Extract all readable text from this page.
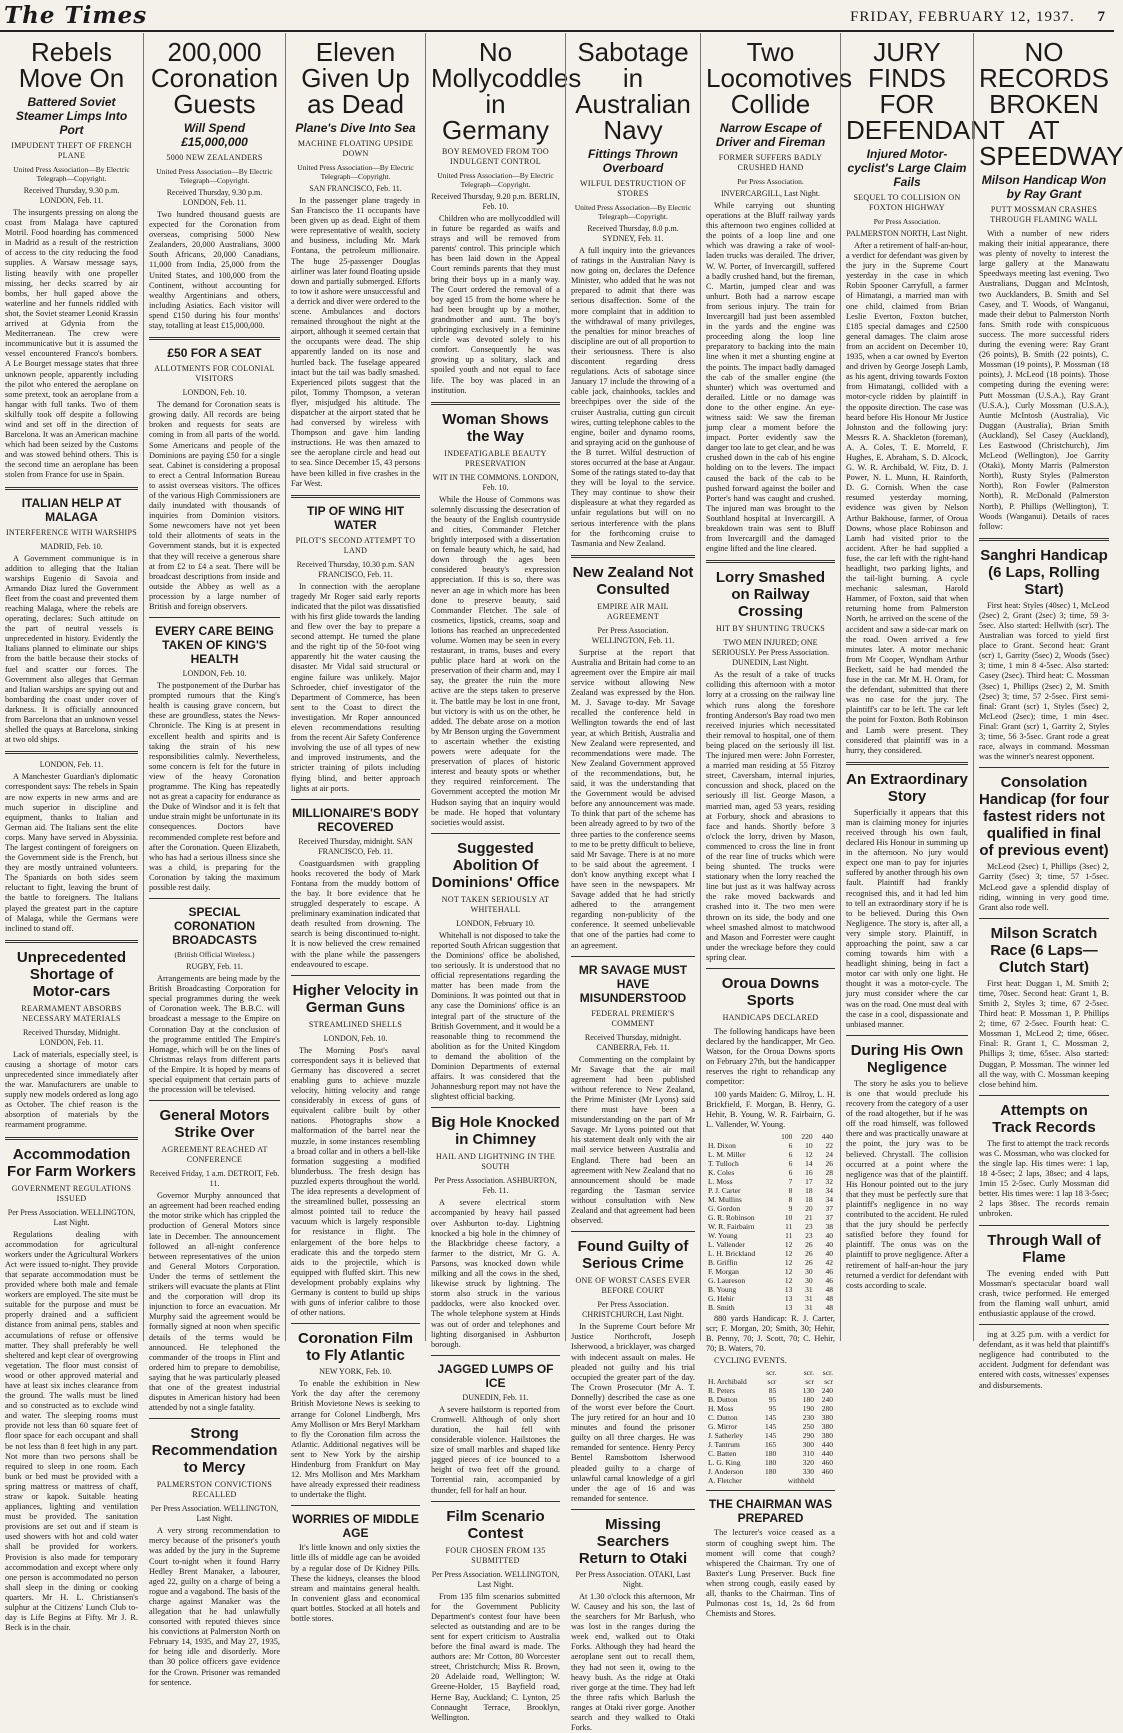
The Times	FRIDAY, FEBRUARY 12, 1937. 7
Rebels Move On
Battered Soviet Steamer Limps Into Port
IMPUDENT THEFT OF FRENCH PLANE
United Press Association—By Electric Telegraph—Copyright.
Received Thursday, 9.30 p.m. LONDON, Feb. 11.

The insurgents pressing on along the coast from Malaga have captured Motril. Food hoarding has commenced in Madrid as a result of the restriction of access to the city reducing the food supplies. A Warsaw message says, listing heavily with one propeller missing, her decks scarred by air bombs, her hull gaped above the waterline and her funnels riddled with shot, the Soviet steamer Leonid Krassin arrived at Gdynia from the Mediterranean. The crew were incommunicative but it is assumed the vessel encountered Franco's bombers. A Le Bourget message states that three unknown people, apparently including the pilot who entered the aeroplane on some pretext, took an aeroplane from a hangar with full tanks. Two of them skilfully took off despite a following wind and set off in the direction of Barcelona. It was an American machine which had been seized by the Customs and was stowed behind others. This is the second time an aeroplane has been stolen from France for use in Spain.

ITALIAN HELP AT MALAGA
INTERFERENCE WITH WARSHIPS
MADRID, Feb. 10.

A Government communique is in addition to alleging that the Italian warships Eugenio di Savoia and Armando Diaz lured the Government fleet from the coast and prevented them reaching Malaga, where the rebels are operating, declares: Such attitude on the part of neutral vessels is unprecedented in history. Evidently the Italians planned to eliminate our ships from the battle because their stocks of fuel and scatter our forces. The Government also alleges that German and Italian warships are spying out and bombarding the coast under cover of darkness. It is officially announced from Barcelona that an unknown vessel shelled the quays at Barcelona, sinking at two old ships.

LONDON, Feb. 11.

A Manchester Guardian's diplomatic correspondent says: The rebels in Spain are now experts in new arms and are much superior in discipline and equipment, thanks to Italian and German aid. The Italians sent the elite corps. Many have served in Abyssinia. The largest contingent of foreigners on the Government side is the French, but they are mostly untrained volunteers. The Spaniards on both sides seem reluctant to fight, leaving the brunt of the battle to foreigners. The Italians played the greatest part in the capture of Malaga, while the Germans were inclined to stand off.

Unprecedented Shortage of Motor-cars
REARMAMENT ABSORBS NECESSARY MATERIALS
Received Thursday, Midnight. LONDON, Feb. 11.

Lack of materials, especially steel, is causing a shortage of motor cars unprecedented since immediately after the war. Manufacturers are unable to supply new models ordered as long ago as October. The chief reason is the absorption of materials by the rearmament programme.

Accommodation For Farm Workers
GOVERNMENT REGULATIONS ISSUED
Per Press Association. WELLINGTON, Last Night.

Regulations dealing with accommodation for agricultural workers under the Agricultural Workers Act were issued to-night. They provide that separate accommodation must be provided where both male and female workers are employed. The site must be suitable for the purpose and must be properly drained and a sufficient distance from animal pens, stables and accumulations of refuse or offensive matter. They shall preferably be well sheltered and kept clear of overgrowing vegetation. The floor must consist of wood or other approved material and have at least six inches clearance from the ground. The walls must be lined and so constructed as to exclude wind and water. The sleeping rooms must provide not less than 60 square feet of floor space for each occupant and shall be not less than 8 feet high in any part. Not more than two persons shall be required to sleep in one room. Each bunk or bed must be provided with a spring mattress or mattress of chaff, straw or kapok. Suitable heating appliances, lighting and ventilation must be provided. The sanitation provisions are set out and if steam is used showers with hot and cold water shall be provided for workers. Provision is also made for temporary accommodation and except where only one person is accommodated no person shall sleep in the dining or cooking quarters. Mr H. L. Christiansen's sulphur at the Citizens' Lunch Club to-day is Life Begins at Fifty. Mr J. R. Beck is in the chair.

200,000 Coronation Guests
Will Spend £15,000,000
5000 NEW ZEALANDERS
United Press Association—By Electric Telegraph—Copyright.
Received Thursday, 9.30 p.m. LONDON, Feb. 11.

Two hundred thousand guests are expected for the Coronation from overseas, comprising 5000 New Zealanders, 20,000 Australians, 3000 South Africans, 20,000 Canadians, 11,000 from India, 25,000 from the United States, and 100,000 from the Continent, without accounting for wealthy Argentinians and others, including Asiatics. Each visitor will spend £150 during his four months' stay, totalling at least £15,000,000.

£50 FOR A SEAT
ALLOTMENTS FOR COLONIAL VISITORS
LONDON, Feb. 10.

The demand for Coronation seats is growing daily. All records are being broken and requests for seats are coming in from all parts of the world. Some Americans and people of the Dominions are paying £50 for a single seat. Cabinet is considering a proposal to erect a Central Information Bureau to assist overseas visitors. The offices of the various High Commissioners are daily inundated with thousands of inquiries from Dominion visitors. Some newcomers have not yet been told their allotments of seats in the Government stands, but it is expected that they will receive a generous share at from £2 to £4 a seat. There will be broadcast descriptions from inside and outside the Abbey as well as a procession by a large number of British and foreign observers.

EVERY CARE BEING TAKEN OF KING'S HEALTH
LONDON, Feb. 10.

The postponement of the Durbar has prompted rumours that the King's health is causing grave concern, but these are groundless, states the News-Chronicle. The King is at present in excellent health and spirits and is taking the strain of his new responsibilities calmly. Nevertheless, some concern is felt for the future in view of the heavy Coronation programme. The King has repeatedly not as great a capacity for endurance as the Duke of Windsor and it is felt that undue strain might be unfortunate in its consequences. Doctors have recommended complete rest before and after the Coronation. Queen Elizabeth, who has had a serious illness since she was a child, is preparing for the Coronation by taking the maximum possible rest daily.

SPECIAL CORONATION BROADCASTS
(British Official Wireless.)
RUGBY, Feb. 11.

Arrangements are being made by the British Broadcasting Corporation for special programmes during the week of Coronation week. The B.B.C. will broadcast a message to the Empire on Coronation Day at the conclusion of the programme entitled The Empire's Homage, which will be on the lines of Christmas relays from different parts of the Empire. It is hoped by means of special equipment that certain parts of the procession will be televised.

General Motors Strike Over
AGREEMENT REACHED AT CONFERENCE
Received Friday, 1 a.m. DETROIT, Feb. 11.

Governor Murphy announced that an agreement had been reached ending the motor strike which has crippled the production of General Motors since late in December. The announcement followed an all-night conference between representatives of the union and General Motors Corporation. Under the terms of settlement the strikers will evacuate the plants at Flint and the corporation will drop its injunction to force an evacuation. Mr Murphy said the agreement would be formally signed at noon when specific details of the terms would be announced. He telephoned the commander of the troops in Flint and ordered him to prepare to demobilise, saying that he was particularly pleased that one of the greatest industrial disputes in American history had been attended by not a single fatality.

Strong Recommendation to Mercy
PALMERSTON CONVICTIONS RECALLED
Per Press Association. WELLINGTON, Last Night.

A very strong recommendation to mercy because of the prisoner's youth was added by the jury in the Supreme Court to-night when it found Harry Hedley Brent Manaker, a labourer, aged 22, guilty on a charge of being a rogue and a vagabond. The basis of the charge against Manaker was the allegation that he had unlawfully consorted with reputed thieves since his convictions at Palmerston North on February 14, 1935, and May 27, 1935, for being idle and disorderly. More than 30 police officers gave evidence for the Crown. Prisoner was remanded for sentence.

Eleven Given Up as Dead
Plane's Dive Into Sea
MACHINE FLOATING UPSIDE DOWN
United Press Association—By Electric Telegraph—Copyright.
SAN FRANCISCO, Feb. 11.

In the passenger plane tragedy in San Francisco the 11 occupants have been given up as dead. Eight of them were representative of wealth, society and business, including Mr. Mark Fontana, the petroleum millionaire. The huge 25-passenger Douglas airliner was later found floating upside down and partially submerged. Efforts to tow it ashore were unsuccessful and a derrick and diver were ordered to the scene. Ambulances and doctors remained throughout the night at the airport, although it seemed certain that the occupants were dead. The ship apparently landed on its nose and hurtled back. The fuselage appeared intact but the tail was badly smashed. Experienced pilots suggest that the pilot, Tommy Thompson, a veteran flyer, misjudged his altitude. The dispatcher at the airport stated that he had conversed by wireless with Thompson and gave him landing instructions. He was then amazed to see the aeroplane circle and head out to sea. Since December 15, 43 persons have been killed in five crashes in the Far West.

TIP OF WING HIT WATER
PILOT'S SECOND ATTEMPT TO LAND
Received Thursday, 10.30 p.m. SAN FRANCISCO, Feb. 11.

In connection with the aeroplane tragedy Mr Roger said early reports indicated that the pilot was dissatisfied with his first glide towards the landing and flew over the bay to prepare a second attempt. He turned the plane and the right tip of the 50-foot wing apparently hit the water causing the disaster. Mr Vidal said structural or engine failure was unlikely. Major Schroeder, chief investigator of the Department of Commerce, has been sent to the Coast to direct the investigation. Mr Roper announced eleven recommendations resulting from the recent Air Safety Conference involving the use of all types of new and improved instruments, and the stricter training of pilots including flying blind, and better approach lights at air ports.

MILLIONAIRE'S BODY RECOVERED
Received Thursday, midnight. SAN FRANCISCO, Feb. 11.

Coastguardsmen with grappling hooks recovered the body of Mark Fontana from the muddy bottom of the bay. It bore evidence that he struggled desperately to escape. A preliminary examination indicated that death resulted from drowning. The search is being discontinued to-night. It is now believed the crew remained with the plane while the passengers endeavoured to escape.

Higher Velocity in German Guns
STREAMLINED SHELLS
LONDON, Feb. 10.

The Morning Post's naval correspondent says it is believed that Germany has discovered a secret enabling guns to achieve muzzle velocity, hitting velocity and range considerably in excess of guns of equivalent calibre built by other nations. Photographs show a malformation of the barrel near the muzzle, in some instances resembling a broad collar and in others a bell-like formation suggesting a modified blunderbuss. The fresh design has puzzled experts throughout the world. The idea represents a development of the streamlined bullet, possessing an almost pointed tail to reduce the vacuum which is largely responsible for resistance in flight. The enlargement of the bore helps to eradicate this and the torpedo stern aids to the projectile, which is equipped with fluffed skirt. This new development probably explains why Germany is content to build up ships with guns of inferior calibre to those of other nations.

Coronation Film to Fly Atlantic
NEW YORK, Feb. 10.

To enable the exhibition in New York the day after the ceremony British Movietone News is seeking to arrange for Colonel Lindbergh, Mrs Amy Mollison or Mrs Beryl Markham to fly the Coronation film across the Atlantic. Additional negatives will be sent to New York by the airship Hindenburg from Frankfurt on May 12. Mrs Mollison and Mrs Markham have already expressed their readiness to undertake the flight.

WORRIES OF MIDDLE AGE

It's little known and only sixties the little ills of middle age can be avoided by a regular dose of Dr Kidney Pills. These the kidneys, cleanses the blood stream and maintains general health. In convenient glass and economical quart bottles. Stocked at all hotels and bottle stores.

No Mollycoddles in Germany
BOY REMOVED FROM TOO INDULGENT CONTROL
United Press Association—By Electric Telegraph—Copyright.
Received Thursday, 9.20 p.m. BERLIN, Feb. 10.

Children who are mollycoddled will in future be regarded as waifs and strays and will be removed from parents' control. This principle which has been laid down in the Appeal Court reminds parents that they must bring their boys up in a manly way. The Court ordered the removal of a boy aged 15 from the home where he had been brought up by a mother, grandmother and aunt. The boy's upbringing exclusively in a feminine circle was devoted solely to his comfort. Consequently he was growing up a solitary, slack and spoiled youth and not equal to face life. The boy was placed in an institution.

Woman Shows the Way
INDEFATIGABLE BEAUTY PRESERVATION
WIT IN THE COMMONS. LONDON, Feb. 10.

While the House of Commons was solemnly discussing the desecration of the beauty of the English countryside and cities, Commander Fletcher brightly interposed with a dissertation on female beauty which, he said, had down through the ages been considered beauty's expression appreciation. If this is so, there was never an age in which more has been done to preserve beauty, said Commander Fletcher. The sale of cosmetics, lipstick, creams, soap and lotions has reached an unprecedented volume. Women may be seen in every restaurant, in trams, buses and every public place hard at work on the preservation of their charm and, may I say, the greater the ruin the more active are the steps taken to preserve it. The battle may be lost in one front, but victory is with us on the other, he added. The debate arose on a motion by Mr Benson urging the Government to ascertain whether the existing powers were adequate for the preservation of places of historic interest and beauty spots or whether they required reinforcement. The Government accepted the motion Mr Hudson saying that an inquiry would be made. He hoped that voluntary societies would assist.

Suggested Abolition Of Dominions' Office
NOT TAKEN SERIOUSLY AT WHITEHALL
LONDON, February 10.

Whitehall is not disposed to take the reported South African suggestion that the Dominions' office be abolished, too seriously. It is understood that no official representations regarding the matter has been made from the Dominions. It was pointed out that in any case the Dominions' office is an integral part of the structure of the British Government, and it would be a reasonable thing to recommend the abolition as for the United Kingdom to demand the abolition of the Dominion Departments of external affairs. It was considered that the Johannesburg report may not have the slightest official backing.

Big Hole Knocked in Chimney
HAIL AND LIGHTNING IN THE SOUTH
Per Press Association. ASHBURTON, Feb. 11.

A severe electrical storm accompanied by heavy hail passed over Ashburton to-day. Lightning knocked a big hole in the chimney of the Blackbridge cheese factory, a farmer to the district, Mr G. A. Parsons, was knocked down while milking and all the cows in the shed, likewise struck by lightning. The storm also struck in the various paddocks, were also knocked over. The whole telephone system at Hinds was out of order and telephones and lighting disorganised in Ashburton borough.

JAGGED LUMPS OF ICE
DUNEDIN, Feb. 11.

A severe hailstorm is reported from Cromwell. Although of only short duration, the hail fell with considerable violence. Hailstones the size of small marbles and shaped like jagged pieces of ice bounced to a height of two feet off the ground. Torrential rain, accompanied by thunder, fell for half an hour.

Film Scenario Contest
FOUR CHOSEN FROM 135 SUBMITTED
Per Press Association. WELLINGTON, Last Night.

From 135 film scenarios submitted for the Government Publicity Department's contest four have been selected as outstanding and are to be sent for expert criticism to Australia before the final award is made. The authors are: Mr Cotton, 80 Worcester street, Christchurch; Miss R. Brown, 20 Adelaide road, Wellington; W. Greene-Holder, 15 Bayfield road, Herne Bay, Auckland; C. Lynton, 25 Connaught Terrace, Brooklyn, Wellington.

Sabotage in Australian Navy
Fittings Thrown Overboard
WILFUL DESTRUCTION OF STORES
United Press Association—By Electric Telegraph—Copyright.
Received Thursday, 8.0 p.m. SYDNEY, Feb. 11.

A full inquiry into the grievances of ratings in the Australian Navy is now going on, declares the Defence Minister, who added that he was not prepared to admit that there was serious disaffection. Some of the more complaint that in addition to the withdrawal of many privileges, the penalties for minor breaches of discipline are out of all proportion to their seriousness. There is also discontent regarding dress regulations. Acts of sabotage since January 17 include the throwing of a cable jack, chainhooks, tackles and breechpipes over the side of the cruiser Australia, cutting gun circuit wires, cutting telephone cables to the engine, boiler and dynamo rooms, and spraying acid on the gunhouse of the B turret. Wilful destruction of stores occurred at the base at Angaur. Some of the ratings stated to-day that they will be loyal to the service. They may continue to show their displeasure at what they regarded as unfair regulations but will on no serious interference with the plans for the forthcoming cruise to Tasmania and New Zealand.

New Zealand Not Consulted
EMPIRE AIR MAIL AGREEMENT
Per Press Association. WELLINGTON, Feb. 11.

Surprise at the report that Australia and Britain had come to an agreement over the Empire air mail service without allowing New Zealand was expressed by the Hon. M. J. Savage to-day. Mr Savage recalled the conference held in Wellington towards the end of last year, at which British, Australia and New Zealand were represented, and recommendations were made. The New Zealand Government approved of the recommendations, but, he said, it was the understanding that the Government would be advised before any announcement was made. To think that part of the scheme has been already agreed to by two of the three parties to the conference seems to me to be pretty difficult to believe, said Mr Savage. There is at no more to be said about the agreement. I don't know anything except what I have seen in the newspapers. Mr Savage added that he had strictly adhered to the arrangement regarding non-publicity of the conference. It seemed unbelievable that one of the parties had come to an agreement.

MR SAVAGE MUST HAVE MISUNDERSTOOD
FEDERAL PREMIER'S COMMENT
Received Thursday, midnight. CANBERRA, Feb. 11.

Commenting on the complaint by Mr Savage that the air mail agreement had been published without reference to New Zealand, the Prime Minister (Mr Lyons) said there must have been a misunderstanding on the part of Mr Savage. Mr Lyons pointed out that his statement dealt only with the air mail service between Australia and England. There had been an agreement with New Zealand that no announcement should be made regarding the Tasman service without consultation with New Zealand and that agreement had been observed.

Found Guilty of Serious Crime
ONE OF WORST CASES EVER BEFORE COURT
Per Press Association. CHRISTCHURCH, Last Night.

In the Supreme Court before Mr Justice Northcroft, Joseph Isherwood, a bricklayer, was charged with indecent assault on males. He pleaded not guilty and his trial occupied the greater part of the day. The Crown Prosecutor (Mr A. T. Donnelly) described the case as one of the worst ever before the Court. The jury retired for an hour and 10 minutes and found the prisoner guilty on all three charges. He was remanded for sentence. Henry Percy Bentel Ramsbottom Isherwood pleaded guilty to a charge of unlawful carnal knowledge of a girl under the age of 16 and was remanded for sentence.

Missing Searchers Return to Otaki
Per Press Association. OTAKI, Last Night.

At 1.30 o'clock this afternoon, Mr W. Causey and his son, the last of the searchers for Mr Barlush, who was lost in the ranges during the week end, walked out to Otaki Forks. Although they had heard the aeroplane sent out to recall them, they had not seen it, owing to the heavy bush. As the ridge at Otaki river gorge at the time. They had left the three rafts which Barlush the ranges at Otaki river gorge. Another search and they walked to Otaki Forks.

Two Locomotives Collide
Narrow Escape of Driver and Fireman
FORMER SUFFERS BADLY CRUSHED HAND
Per Press Association.
INVERCARGILL, Last Night.

While carrying out shunting operations at the Bluff railway yards this afternoon two engines collided at the points of a loop line and one which was drawing a rake of wool-laden trucks was derailed. The driver, W. W. Porter, of Invercargill, suffered a badly crushed hand, but the fireman, C. Martin, jumped clear and was unhurt. Both had a narrow escape from serious injury. The train for Invercargill had just been assembled in the yards and the engine was proceeding along the loop line preparatory to backing into the main line when it met a shunting engine at the points. The impact badly damaged the cab of the smaller engine (the shunter) which was overturned and derailed. Little or no damage was done to the other engine. An eye-witness said: We saw the fireman jump clear a moment before the impact. Porter evidently saw the danger too late to get clear, and he was crushed down in the cab of his engine holding on to the levers. The impact caused the back of the cab to be pushed forward against the boiler and Porter's hand was caught and crushed. The injured man was brought to the Southland hospital at Invercargill. A breakdown train was sent to Bluff from Invercargill and the damaged engine lifted and the line cleared.

Lorry Smashed on Railway Crossing
HIT BY SHUNTING TRUCKS
TWO MEN INJURED; ONE SERIOUSLY. Per Press Association. DUNEDIN, Last Night.

As the result of a rake of trucks colliding this afternoon with a motor lorry at a crossing on the railway line which runs along the foreshore fronting Anderson's Bay road two men received injuries which necessitated their removal to hospital, one of them being placed on the seriously ill list. The injured men were: John Forrester, a married man residing at 55 Fitzroy street, Caversham, internal injuries, concussion and shock, placed on the seriously ill list. George Mason, a married man, aged 53 years, residing at Forbury, shock and abrasions to face and hands. Shortly before 3 o'clock the lorry, driven by Mason, commenced to cross the line in front of the rear line of trucks which were being shunted. The trucks were stationary when the lorry reached the line but just as it was halfway across the rake moved backwards and crashed into it. The two men were thrown on its side, the body and one wheel smashed almost to matchwood and Mason and Forrester were caught under the wreckage before they could spring clear.

Oroua Downs Sports
HANDICAPS DECLARED

The following handicaps have been declared by the handicapper, Mr Geo. Watson, for the Oroua Downs sports on February 27th, but the handicapper reserves the right to rehandicap any competitor:

100 yards Maiden: G. Milroy, L. H. Brickfield, F. Morgan, B. Henry, G. Hehir, B. Young, W. R. Fairbairn, G. L. Vallender, W. Young.
	100	220	440
H. Dixon	6	10	22
L. M. Miller	6	12	24
T. Tulloch	6	14	26
K. Coles	6	16	28
L. Moss	7	17	32
P. J. Carter	8	18	34
M. Mullins	8	18	34
G. Gordon	9	20	37
G. R. Robinson	10	21	37
W. R. Fairbairn	11	23	38
W. Young	11	23	40
L. Vallender	12	26	40
L. H. Brickland	12	26	40
B. Griffin	12	26	42
F. Morgan	12	30	46
G. Laureson	12	30	46
B. Young	13	31	48
G. Hehir	13	31	48
B. Smith	13	31	48
880 yards Handicap: R. J. Carter, scr; F. Morgan, 20; Smith, 30; Hehir, B. Penny, 70; J. Scott, 70; C. Hehir, 70; B. Waters, 70.
CYCLING EVENTS.
	scr.	scr.	scr.
H. Archibald	scr	scr	scr
R. Peters	85	130	240
B. Dutton	95	180	240
H. Moss	95	190	280
C. Dutton	145	230	380
G. Mirror	145	250	380
J. Satherley	145	290	380
J. Tantrum	165	300	440
C. Batten	180	310	440
L. G. King	180	320	460
J. Anderson	180	330	460
A. Fletcher		withheld	
THE CHAIRMAN WAS PREPARED

The lecturer's voice ceased as a storm of coughing swept him. The moment will come that cough? whispered the Chairman. Try one of Baxter's Lung Preserver. Buck fine when strong cough, easily eased by all, thanks to the Chairman. Tins of Pulmonas cost 1s, 1d, 2s 6d from Chemists and Stores.

JURY FINDS FOR DEFENDANT
Injured Motor-cyclist's Large Claim Fails
SEQUEL TO COLLISION ON FOXTON HIGHWAY
Per Press Association.
PALMERSTON NORTH, Last Night.

After a retirement of half-an-hour, a verdict for defendant was given by the jury in the Supreme Court yesterday in the case in which Robin Spooner Carryfull, a farmer of Himatangi, a married man with one child, claimed from Brian Leslie Everton, Foxton butcher, £185 special damages and £2500 general damages. The claim arose from an accident on December 10, 1935, when a car owned by Everton and driven by George Joseph Lamb, as his agent, driving towards Foxton from Himatangi, collided with a motor-cycle ridden by plaintiff in the opposite direction. The case was heard before His Honour Mr Justice Johnston and the following jury: Messrs R. A. Shackleton (foreman), A. A. Coles, T. E. Morreld, F. Hughes, E. Abraham, S. D. Alcock, G. W. R. Archibald, W. Fitz, D. J. Power, N. L. Munn, H. Rainforth, D. G. Cornish. When the case resumed yesterday morning, evidence was given by Nelson Arthur Bakhouse, farmer, of Oroua Downs, whose place Robinson and Lamb had visited prior to the accident. After he had supplied a fuse, the car left with the right-hand headlight, two parking lights, and the tail-light burning. A cycle mechanic salesman, Harold Hammer, of Foxton, said that when returning home from Palmerston North, he arrived on the scene of the accident and saw a side-car mark on the road. Owen arrived a few minutes later. A motor mechanic from Mr Cooper, Wyndham Arthur Beckett, said he had mended the fuse in the car. Mr M. H. Oram, for the defendant, submitted that there was no case for the jury. The plaintiff's car to be left. The car left the point for Foxton. Both Robinson and Lamb were present. They considered that plaintiff was in a hurry, they considered.

An Extraordinary Story

Superficially it appears that this man is claiming money for injuries received through his own fault, declared His Honour in summing up in the afternoon. No jury would expect one man to pay for injuries suffered by another through his own fault. Plaintiff had frankly recognised this, and it had led him to tell an extraordinary story if he is to be believed. During this Own Negligence. The story is, after all, a very simple story. Plaintiff, in approaching the point, saw a car coming towards him with a headlight shining, being in fact a motor car with only one light. He thought it was a motor-cycle. The jury must consider where the car was on the road. One must deal with the case in a cool, dispassionate and unbiased manner.

During His Own Negligence

The story he asks you to believe is one that would preclude his recovery from the category of a user of the road altogether, but if he was off the road himself, was followed there and was practically unaware at the point, the jury was to be believed. Chrystall. The collision occurred at a point where the negligence was that of the plaintiff. His Honour pointed out to the jury that they must be perfectly sure that plaintiff's negligence in no way contributed to the accident. He ruled that the jury should be perfectly satisfied before they found for plaintiff. The onus was on the plaintiff to prove negligence. After a retirement of half-an-hour the jury returned a verdict for defendant with costs according to scale.

NO RECORDS BROKEN AT SPEEDWAY
Milson Handicap Won by Ray Grant
PUTT MOSSMAN CRASHES THROUGH FLAMING WALL

With a number of new riders making their initial appearance, there was plenty of novelty to interest the large gallery at the Manawatu Speedways meeting last evening. Two Australians, Duggan and McIntosh, two Aucklanders, B. Smith and Sel Casey, and T. Woods, of Wanganui, made their debut to Palmerston North fans. Smith rode with conspicuous success. The more successful riders during the evening were: Ray Grant (26 points), B. Smith (22 points), C. Mossman (19 points), P. Mossman (18 points), J. McLeod (18 points). Those competing during the evening were: Putt Mossman (U.S.A.), Ray Grant (U.S.A.), Curly Mossman (U.S.A.), Auntie McIntosh (Australia), Vic Duggan (Australia), Brian Smith (Auckland), Sel Casey (Auckland), Les Eastwood (Christchurch), Jim McLeod (Wellington), Joe Garrity (Otaki), Monty Marris (Palmerston North), Rusty Styles (Palmerston North), Ron Fowler (Palmerston North), R. McDonald (Palmerston North), P. Phillips (Wellington), T. Woods (Wanganui). Details of races follow:

Sanghri Handicap (6 Laps, Rolling Start)

First heat: Styles (40sec) 1, McLeod (2sec) 2, Grant (2sec) 3; time, 59 3-5sec. Also started: Hellwith (scr). The Australian was forced to yield first place to Grant. Second heat: Grant (scr) 1, Garrity (5sec) 2, Woods (5sec) 3; time, 1 min 8 4-5sec. Also started: Casey (2sec). Third heat: C. Mossman (3sec) 1, Phillips (2sec) 2, M. Smith (2sec) 3; time, 57 2-5sec. First semi-final: Grant (scr) 1, Styles (5sec) 2, McLeod (2sec); time, 1 min 4sec. Final: Grant (scr) 1, Garrity 2, Styles 3; time, 56 3-5sec. Grant rode a great race, always in command. Mossman was the winner's nearest opponent.

Consolation Handicap (for four fastest riders not qualified in final of previous event)

McLeod (2sec) 1, Phillips (3sec) 2, Garrity (5sec) 3; time, 57 1-5sec. McLeod gave a splendid display of riding, winning in very good time. Grant also rode well.

Milson Scratch Race (6 Laps—Clutch Start)

First heat: Duggan 1, M. Smith 2; time, 70sec. Second heat: Grant 1, B. Smith 2, Styles 3; time, 67 2-5sec. Third heat: P. Mossman 1, P. Phillips 2; time, 67 2-5sec. Fourth heat: C. Mossman 1, McLeod 2; time, 66sec. Final: R. Grant 1, C. Mossman 2, Phillips 3; time, 65sec. Also started: Duggan, P. Mossman. The winner led all the way, with C. Mossman keeping close behind him.

Attempts on Track Records

The first to attempt the track records was C. Mossman, who was clocked for the single lap. His times were: 1 lap, 18 4-5sec; 2 laps, 38sec; and 4 laps, 1min 15 2-5sec. Curly Mossman did better. His times were: 1 lap 18 3-5sec; 2 laps 38sec. The records remain unbroken.

Through Wall of Flame

The evening ended with Putt Mossman's spectacular board wall crash, twice performed. He emerged from the flaming wall unhurt, amid enthusiastic applause of the crowd.

ing at 3.25 p.m. with a verdict for defendant, as it was held that plaintiff's negligence had contributed to the accident. Judgment for defendant was entered with costs, witnesses' expenses and disbursements.
